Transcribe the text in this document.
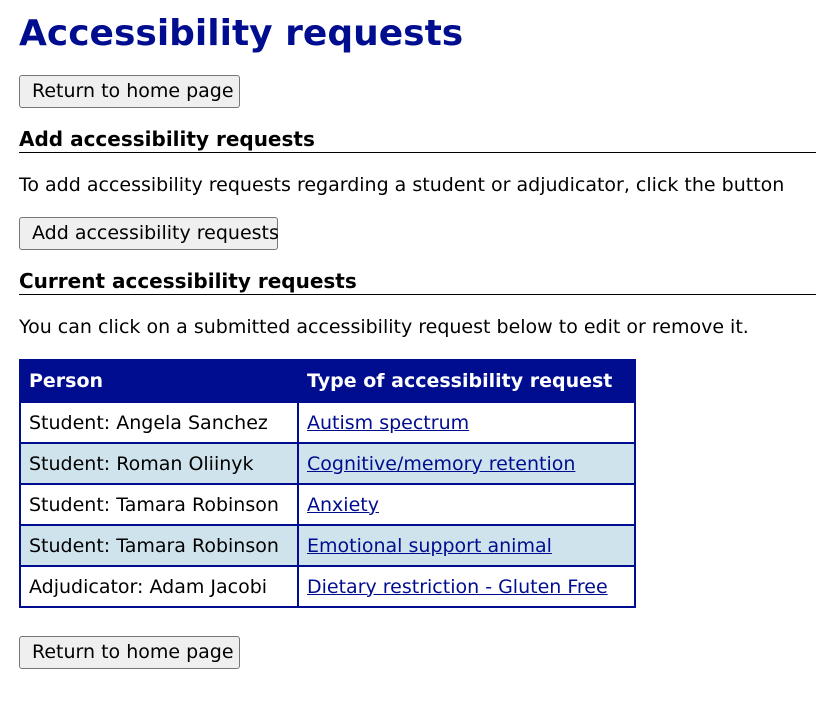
Accessibility requests
Return to home page
Add accessibility requests

To add accessibility requests regarding a student or adjudicator, click the button

Add accessibility requests
Current accessibility requests

You can click on a submitted accessibility request below to edit or remove it.

Person	Type of accessibility request
Student: Angela Sanchez	Autism spectrum
Student: Roman Oliinyk	Cognitive/memory retention
Student: Tamara Robinson	Anxiety
Student: Tamara Robinson	Emotional support animal
Adjudicator: Adam Jacobi	Dietary restriction - Gluten Free
Return to home page
